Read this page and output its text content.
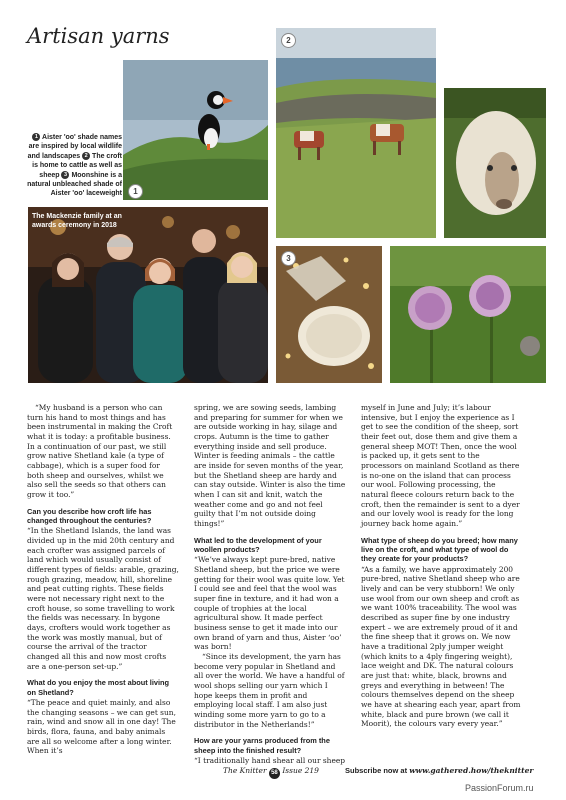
Artisan yarns
1
2
1 Aister 'oo' shade names are inspired by local wildlife and landscapes 2 The croft is home to cattle as well as sheep 3 Moonshine is a natural unbleached shade of Aister 'oo' laceweight
The Mackenzie family at an awards ceremony in 2018
3

“My husband is a person who can turn his hand to most things and has been instrumental in making the Croft what it is today: a profitable business. In a continuation of our past, we still grow native Shetland kale (a type of cabbage), which is a super food for both sheep and ourselves, whilst we also sell the seeds so that others can grow it too.”

Can you describe how croft life has changed throughout the centuries?

“In the Shetland Islands, the land was divided up in the mid 20th century and each crofter was assigned parcels of land which would usually consist of different types of fields: arable, grazing, rough grazing, meadow, hill, shoreline and peat cutting rights. These fields were not necessary right next to the croft house, so some travelling to work the fields was necessary. In bygone days, crofters would work together as the work was mostly manual, but of course the arrival of the tractor changed all this and now most crofts are a one-person set-up.”

What do you enjoy the most about living on Shetland?

“The peace and quiet mainly, and also the changing seasons – we can get sun, rain, wind and snow all in one day! The birds, flora, fauna, and baby animals are all so welcome after a long winter. When it’s

spring, we are sowing seeds, lambing and preparing for summer for when we are outside working in hay, silage and crops. Autumn is the time to gather everything inside and sell produce. Winter is feeding animals – the cattle are inside for seven months of the year, but the Shetland sheep are hardy and can stay outside. Winter is also the time when I can sit and knit, watch the weather come and go and not feel guilty that I’m not outside doing things!”

What led to the development of your woollen products?

“We’ve always kept pure-bred, native Shetland sheep, but the price we were getting for their wool was quite low. Yet I could see and feel that the wool was super fine in texture, and it had won a couple of trophies at the local agricultural show. It made perfect business sense to get it made into our own brand of yarn and thus, Aister ‘oo’ was born!

“Since its development, the yarn has become very popular in Shetland and all over the world. We have a handful of wool shops selling our yarn which I hope keeps them in profit and employing local staff. I am also just winding some more yarn to go to a distributor in the Netherlands!”

How are your yarns produced from the sheep into the finished result?

“I traditionally hand shear all our sheep

myself in June and July; it’s labour intensive, but I enjoy the experience as I get to see the condition of the sheep, sort their feet out, dose them and give them a general sheep MOT! Then, once the wool is packed up, it gets sent to the processors on mainland Scotland as there is no-one on the island that can process our wool. Following processing, the natural fleece colours return back to the croft, then the remainder is sent to a dyer and our lovely wool is ready for the long journey back home again.”

What type of sheep do you breed; how many live on the croft, and what type of wool do they create for your products?

“As a family, we have approximately 200 pure-bred, native Shetland sheep who are lively and can be very stubborn! We only use wool from our own sheep and croft as we want 100% traceability. The wool was described as super fine by one industry expert – we are extremely proud of it and the fine sheep that it grows on. We now have a traditional 2ply jumper weight (which knits to a 4ply fingering weight), lace weight and DK. The natural colours are just that: white, black, browns and greys and everything in between! The colours themselves depend on the sheep we have at shearing each year, apart from white, black and pure brown (we call it Moorit), the colours vary every year.”

The Knitter 58 Issue 219	Subscribe now at www.gathered.how/theknitter
PassionForum.ru
